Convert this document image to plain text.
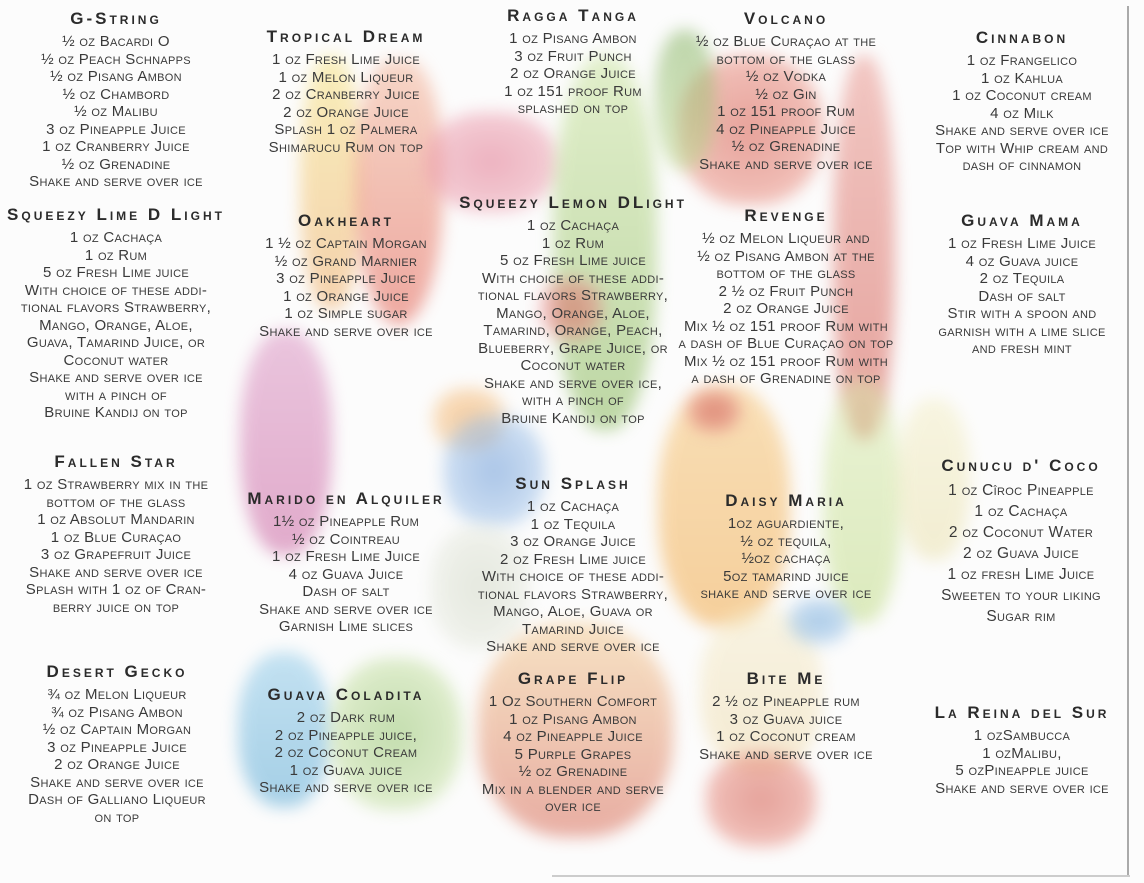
G-String
½ oz Bacardi O
½ oz Peach Schnapps
½ oz Pisang Ambon
½ oz Chambord
½ oz Malibu
3 oz Pineapple Juice
1 oz Cranberry Juice
½ oz Grenadine
Shake and serve over ice
Squeezy Lime D Light
1 oz Cachaça
1 oz Rum
5 oz Fresh Lime juice
With choice of these addi-
tional flavors Strawberry,
Mango, Orange, Aloe,
Guava, Tamarind Juice, or
Coconut water
Shake and serve over ice
with a pinch of
Bruine Kandij on top
Fallen Star
1 oz Strawberry mix in the
bottom of the glass
1 oz Absolut Mandarin
1 oz Blue Curaçao
3 oz Grapefruit Juice
Shake and serve over ice
Splash with 1 oz of Cran-
berry juice on top
Desert Gecko
¾ oz Melon Liqueur
¾ oz Pisang Ambon
½ oz Captain Morgan
3 oz Pineapple Juice
2 oz Orange Juice
Shake and serve over ice
Dash of Galliano Liqueur
on top
Tropical Dream
1 oz Fresh Lime Juice
1 oz Melon Liqueur
2 oz Cranberry Juice
2 oz Orange Juice
Splash 1 oz Palmera
Shimarucu Rum on top
Oakheart
1 ½ oz Captain Morgan
½ oz Grand Marnier
3 oz Pineapple Juice
1 oz Orange Juice
1 oz Simple sugar
Shake and serve over ice
Marido en Alquiler
1½ oz Pineapple Rum
½ oz Cointreau
1 oz Fresh Lime Juice
4 oz Guava Juice
Dash of salt
Shake and serve over ice
Garnish Lime slices
Guava Coladita
2 oz Dark rum
2 oz Pineapple juice,
2 oz Coconut Cream
1 oz Guava juice
Shake and serve over ice
Ragga Tanga
1 oz Pisang Ambon
3 oz Fruit Punch
2 oz Orange Juice
1 oz 151 proof Rum
splashed on top
Squeezy Lemon DLight
1 oz Cachaça
1 oz Rum
5 oz Fresh Lime juice
With choice of these addi-
tional flavors Strawberry,
Mango, Orange, Aloe,
Tamarind, Orange, Peach,
Blueberry, Grape Juice, or
Coconut water
Shake and serve over ice,
with a pinch of
Bruine Kandij on top
Sun Splash
1 oz Cachaça
1 oz Tequila
3 oz Orange Juice
2 oz Fresh Lime juice
With choice of these addi-
tional flavors Strawberry,
Mango, Aloe, Guava or
Tamarind Juice
Shake and serve over ice
Grape Flip
1 Oz Southern Comfort
1 oz Pisang Ambon
4 oz Pineapple Juice
5 Purple Grapes
½ oz Grenadine
Mix in a blender and serve
over ice
Volcano
½ oz Blue Curaçao at the
bottom of the glass
½ oz Vodka
½ oz Gin
1 oz 151 proof Rum
4 oz Pineapple Juice
½ oz Grenadine
Shake and serve over ice
Revenge
½ oz Melon Liqueur and
½ oz Pisang Ambon at the
bottom of the glass
2 ½ oz Fruit Punch
2 oz Orange Juice
Mix ½ oz 151 proof Rum with
a dash of Blue Curaçao on top
Mix ½ oz 151 proof Rum with
a dash of Grenadine on top
Daisy Maria
1oz aguardiente,
½ oz tequila,
½oz cachaça
5oz tamarind juice
shake and serve over ice
Bite Me
2 ½ oz Pineapple rum
3 oz Guava juice
1 oz Coconut cream
Shake and serve over ice
Cinnabon
1 oz Frangelico
1 oz Kahlua
1 oz Coconut cream
4 oz Milk
Shake and serve over ice
Top with Whip cream and
dash of cinnamon
Guava Mama
1 oz Fresh Lime Juice
4 oz Guava juice
2 oz Tequila
Dash of salt
Stir with a spoon and
garnish with a lime slice
and fresh mint
Cunucu d' Coco
1 oz Cîroc Pineapple
1 oz Cachaça
2 oz Coconut Water
2 oz Guava Juice
1 oz fresh Lime Juice
Sweeten to your liking
Sugar rim
La Reina del Sur
1 ozSambucca
1 ozMalibu,
5 ozPineapple juice
Shake and serve over ice
